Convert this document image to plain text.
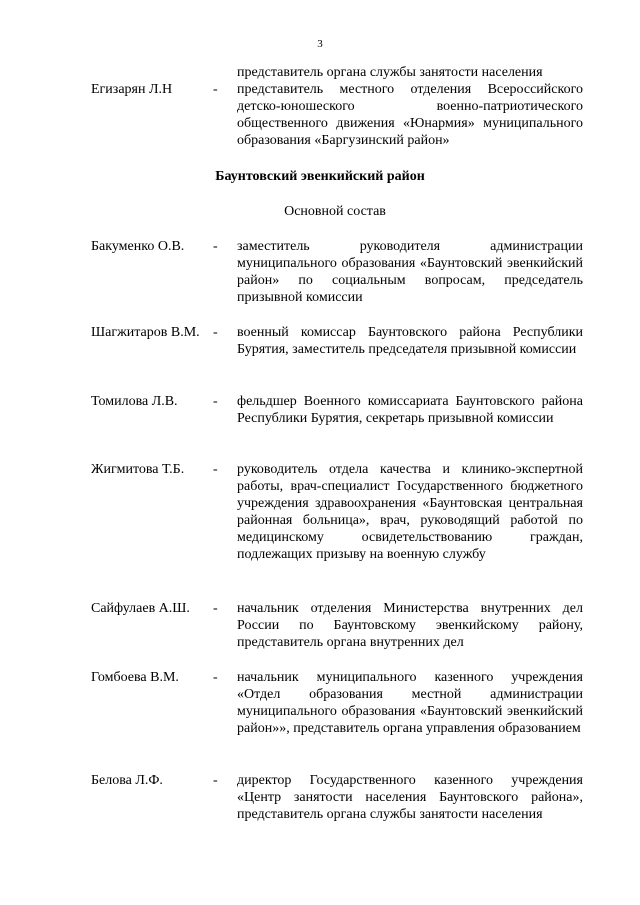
3
представитель органа службы занятости населения
Егизарян Л.Н	- представитель местного отделения Всероссийского детско-юношеского военно-патриотического общественного движения «Юнармия» муниципального образования «Баргузинский район»
Баунтовский эвенкийский район
Основной состав
Бакуменко О.В.	- заместитель руководителя администрации муниципального образования «Баунтовский эвенкийский район» по социальным вопросам, председатель призывной комиссии
Шагжитаров В.М. - военный комиссар Баунтовского района Республики Бурятия, заместитель председателя призывной комиссии
Томилова Л.В.	- фельдшер Военного комиссариата Баунтовского района Республики Бурятия, секретарь призывной комиссии
Жигмитова Т.Б.	- руководитель отдела качества и клинико-экспертной работы, врач-специалист Государственного бюджетного учреждения здравоохранения «Баунтовская центральная районная больница», врач, руководящий работой по медицинскому освидетельствованию граждан, подлежащих призыву на военную службу
Сайфулаев А.Ш.	- начальник отделения Министерства внутренних дел России по Баунтовскому эвенкийскому району, представитель органа внутренних дел
Гомбоева В.М.	- начальник муниципального казенного учреждения «Отдел образования местной администрации муниципального образования «Баунтовский эвенкийский район»», представитель органа управления образованием
Белова Л.Ф.	- директор Государственного казенного учреждения «Центр занятости населения Баунтовского района», представитель органа службы занятости населения
